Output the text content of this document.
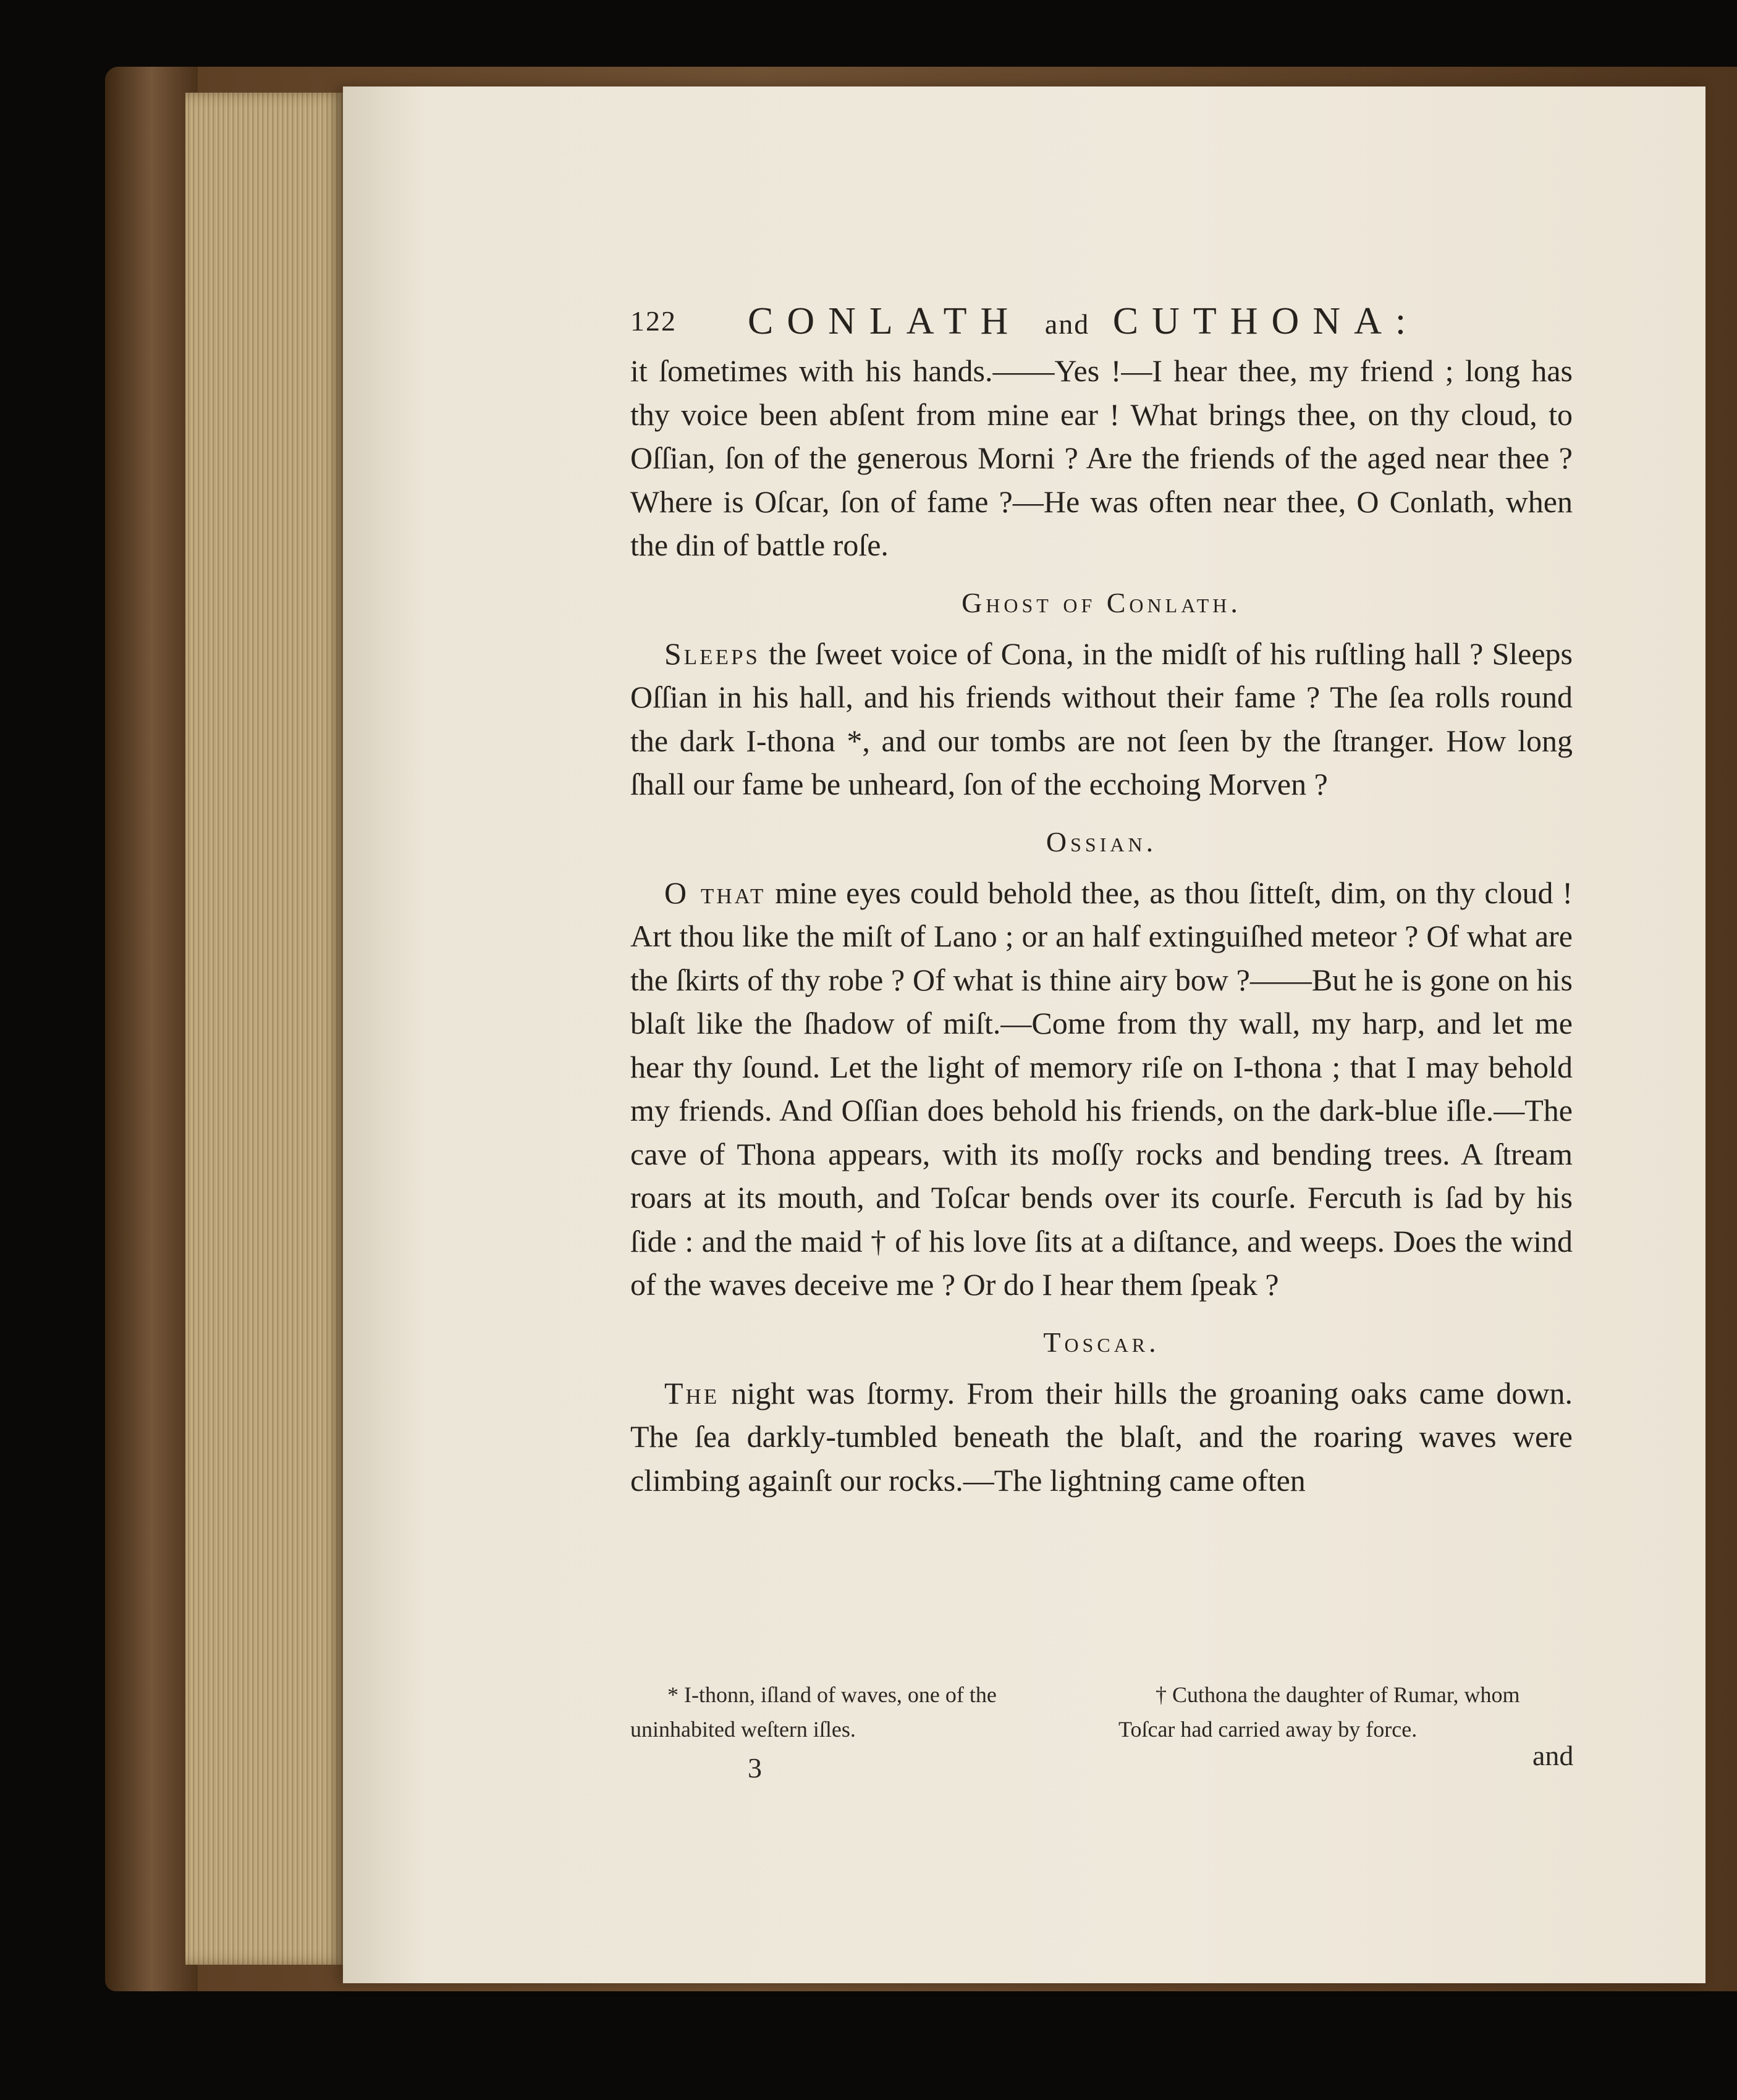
122 CONLATH and CUTHONA:

it ſometimes with his hands.——Yes !—I hear thee, my friend ; long has thy voice been abſent from mine ear ! What brings thee, on thy cloud, to Oſſian, ſon of the generous Morni ? Are the friends of the aged near thee ? Where is Oſcar, ſon of fame ?—He was often near thee, O Conlath, when the din of battle roſe.

Ghost of Conlath.

Sleeps the ſweet voice of Cona, in the midſt of his ruſtling hall ? Sleeps Oſſian in his hall, and his friends without their fame ? The ſea rolls round the dark I-thona *, and our tombs are not ſeen by the ſtranger. How long ſhall our fame be unheard, ſon of the ecchoing Morven ?

Ossian.

O that mine eyes could behold thee, as thou ſitteſt, dim, on thy cloud ! Art thou like the miſt of Lano ; or an half extinguiſhed meteor ? Of what are the ſkirts of thy robe ? Of what is thine airy bow ?——But he is gone on his blaſt like the ſhadow of miſt.—Come from thy wall, my harp, and let me hear thy ſound. Let the light of memory riſe on I-thona ; that I may behold my friends. And Oſſian does behold his friends, on the dark-blue iſle.—The cave of Thona appears, with its moſſy rocks and bending trees. A ſtream roars at its mouth, and Toſcar bends over its courſe. Fercuth is ſad by his ſide : and the maid † of his love ſits at a diſtance, and weeps. Does the wind of the waves deceive me ? Or do I hear them ſpeak ?

Toscar.

The night was ſtormy. From their hills the groaning oaks came down. The ſea darkly-tumbled beneath the blaſt, and the roaring waves were climbing againſt our rocks.—The lightning came often

* I-thonn, iſland of waves, one of the uninhabited weſtern iſles.
† Cuthona the daughter of Rumar, whom Toſcar had carried away by force.
3	and
